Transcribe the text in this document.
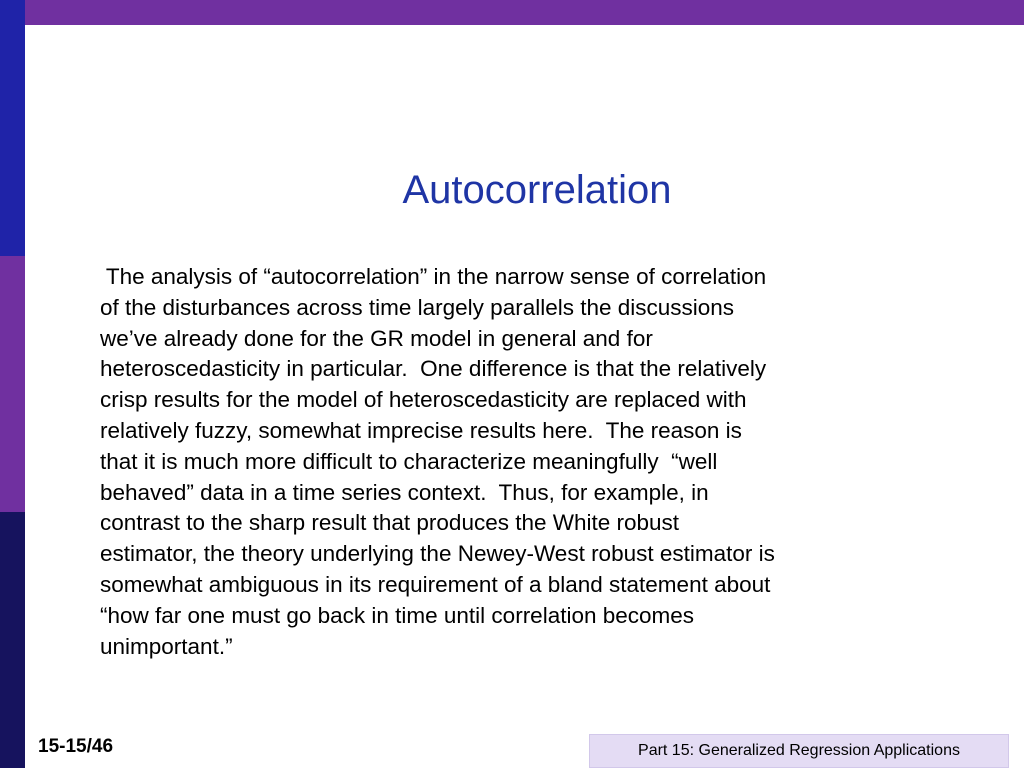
Autocorrelation
The analysis of “autocorrelation” in the narrow sense of correlation
of the disturbances across time largely parallels the discussions
we’ve already done for the GR model in general and for
heteroscedasticity in particular.  One difference is that the relatively
crisp results for the model of heteroscedasticity are replaced with
relatively fuzzy, somewhat imprecise results here.  The reason is
that it is much more difficult to characterize meaningfully  “well
behaved” data in a time series context.  Thus, for example, in
contrast to the sharp result that produces the White robust
estimator, the theory underlying the Newey-West robust estimator is
somewhat ambiguous in its requirement of a bland statement about
“how far one must go back in time until correlation becomes
unimportant.”
15-15/46	Part 15: Generalized Regression Applications
